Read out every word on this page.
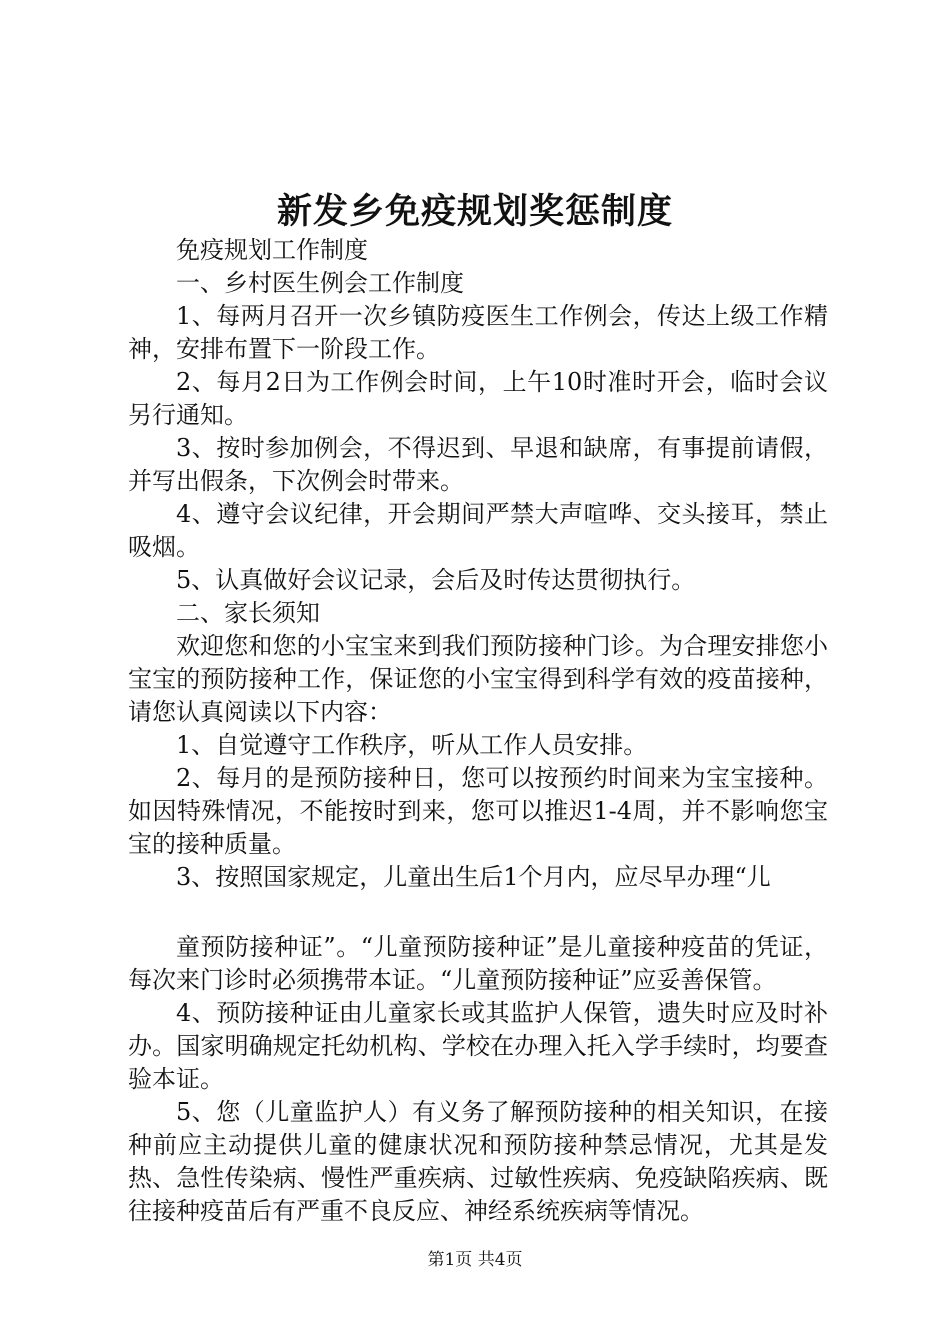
新发乡免疫规划奖惩制度

免疫规划工作制度

一、乡村医生例会工作制度

1、每两月召开一次乡镇防疫医生工作例会，传达上级工作精神，安排布置下一阶段工作。

2、每月2日为工作例会时间，上午10时准时开会，临时会议另行通知。

3、按时参加例会，不得迟到、早退和缺席，有事提前请假，并写出假条，下次例会时带来。

4、遵守会议纪律，开会期间严禁大声喧哗、交头接耳，禁止吸烟。

5、认真做好会议记录，会后及时传达贯彻执行。

二、家长须知

欢迎您和您的小宝宝来到我们预防接种门诊。为合理安排您小宝宝的预防接种工作，保证您的小宝宝得到科学有效的疫苗接种，请您认真阅读以下内容：

1、自觉遵守工作秩序，听从工作人员安排。

2、每月的是预防接种日，您可以按预约时间来为宝宝接种。如因特殊情况，不能按时到来，您可以推迟1-4周，并不影响您宝宝的接种质量。

3、按照国家规定，儿童出生后1个月内，应尽早办理“儿

童预防接种证”。“儿童预防接种证”是儿童接种疫苗的凭证，每次来门诊时必须携带本证。“儿童预防接种证”应妥善保管。

4、预防接种证由儿童家长或其监护人保管，遗失时应及时补办。国家明确规定托幼机构、学校在办理入托入学手续时，均要查验本证。

5、您（儿童监护人）有义务了解预防接种的相关知识，在接种前应主动提供儿童的健康状况和预防接种禁忌情况，尤其是发热、急性传染病、慢性严重疾病、过敏性疾病、免疫缺陷疾病、既往接种疫苗后有严重不良反应、神经系统疾病等情况。

第1页 共4页
